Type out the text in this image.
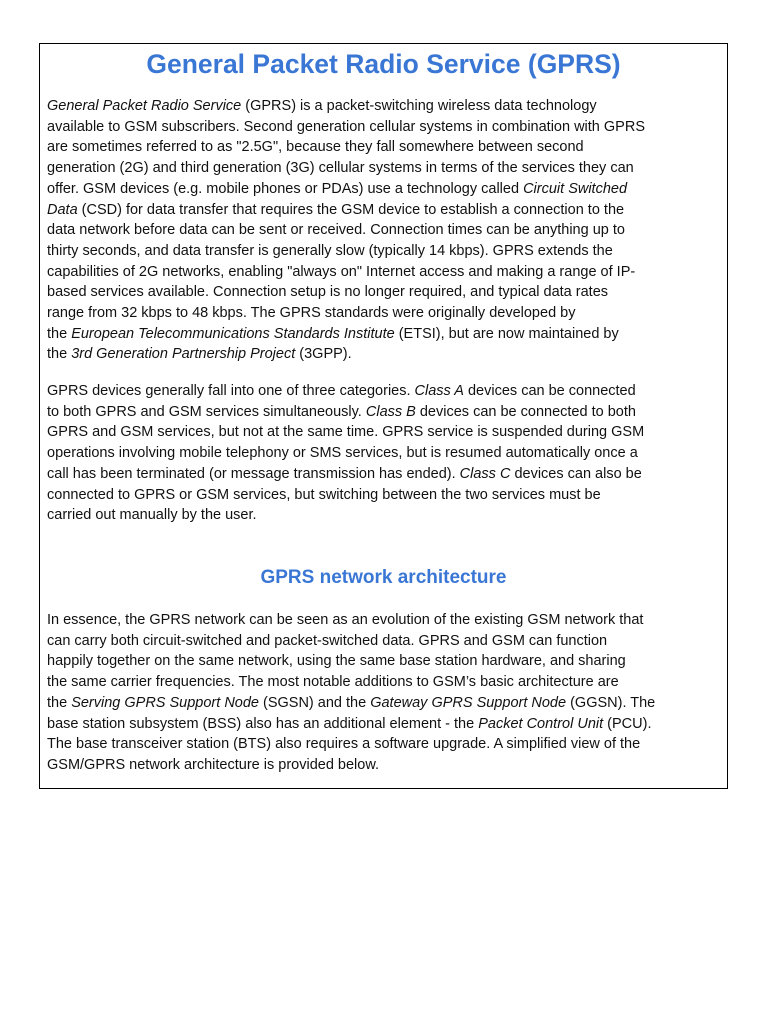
General Packet Radio Service (GPRS)

General Packet Radio Service (GPRS) is a packet-switching wireless data technology
available to GSM subscribers. Second generation cellular systems in combination with GPRS
are sometimes referred to as "2.5G", because they fall somewhere between second
generation (2G) and third generation (3G) cellular systems in terms of the services they can
offer. GSM devices (e.g. mobile phones or PDAs) use a technology called Circuit Switched
Data (CSD) for data transfer that requires the GSM device to establish a connection to the
data network before data can be sent or received. Connection times can be anything up to
thirty seconds, and data transfer is generally slow (typically 14 kbps). GPRS extends the
capabilities of 2G networks, enabling "always on" Internet access and making a range of IP-
based services available. Connection setup is no longer required, and typical data rates
range from 32 kbps to 48 kbps. The GPRS standards were originally developed by
the European Telecommunications Standards Institute (ETSI), but are now maintained by
the 3rd Generation Partnership Project (3GPP).

GPRS devices generally fall into one of three categories. Class A devices can be connected
to both GPRS and GSM services simultaneously. Class B devices can be connected to both
GPRS and GSM services, but not at the same time. GPRS service is suspended during GSM
operations involving mobile telephony or SMS services, but is resumed automatically once a
call has been terminated (or message transmission has ended). Class C devices can also be
connected to GPRS or GSM services, but switching between the two services must be
carried out manually by the user.

GPRS network architecture

In essence, the GPRS network can be seen as an evolution of the existing GSM network that
can carry both circuit-switched and packet-switched data. GPRS and GSM can function
happily together on the same network, using the same base station hardware, and sharing
the same carrier frequencies. The most notable additions to GSM’s basic architecture are
the Serving GPRS Support Node (SGSN) and the Gateway GPRS Support Node (GGSN). The
base station subsystem (BSS) also has an additional element - the Packet Control Unit (PCU).
The base transceiver station (BTS) also requires a software upgrade. A simplified view of the
GSM/GPRS network architecture is provided below.
